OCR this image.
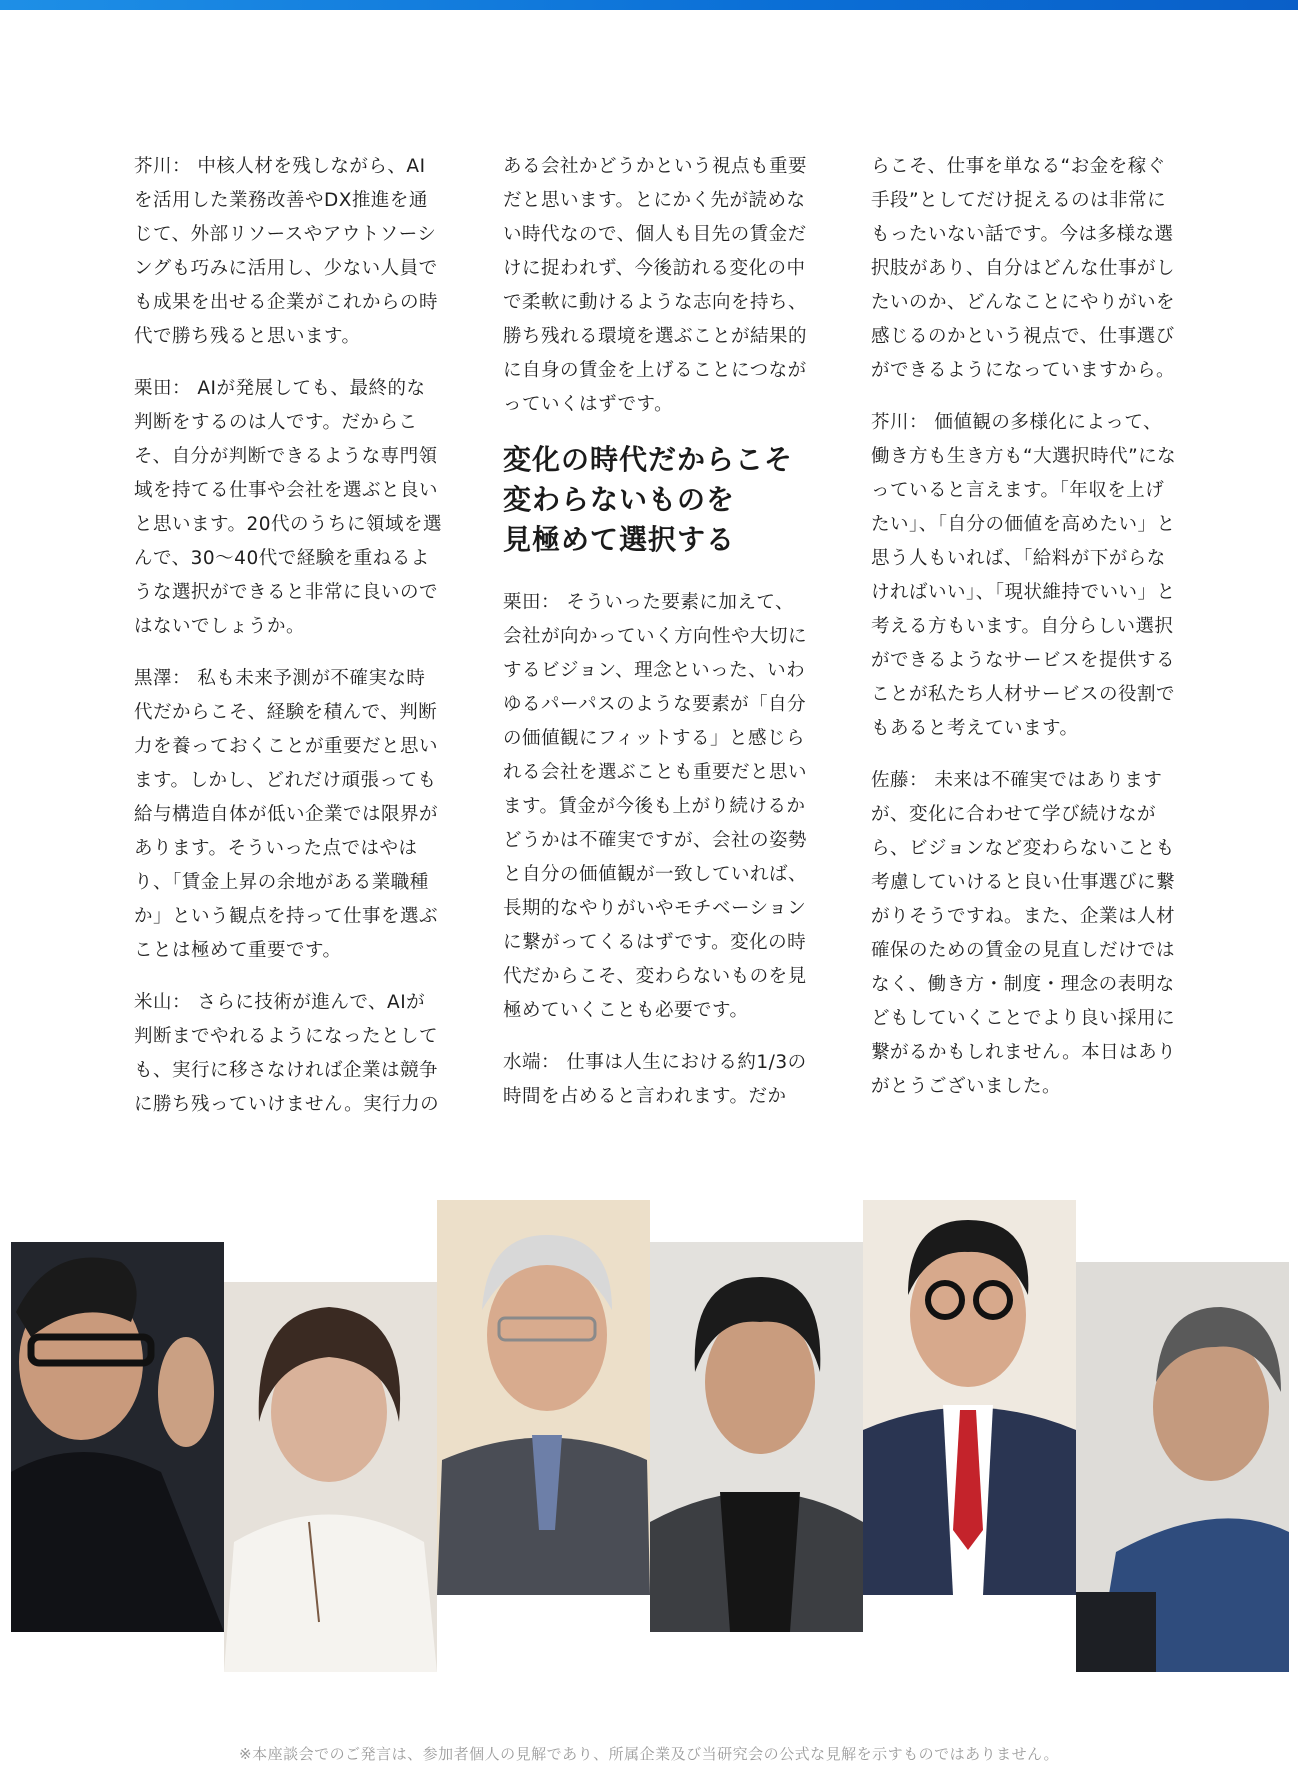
芥川： 中核人材を残しながら、AIを活用した業務改善やDX推進を通じて、外部リソースやアウトソーシングも巧みに活用し、少ない人員でも成果を出せる企業がこれからの時代で勝ち残ると思います。

栗田： AIが発展しても、最終的な判断をするのは人です。だからこそ、自分が判断できるような専門領域を持てる仕事や会社を選ぶと良いと思います。20代のうちに領域を選んで、30～40代で経験を重ねるような選択ができると非常に良いのではないでしょうか。

黒澤： 私も未来予測が不確実な時代だからこそ、経験を積んで、判断力を養っておくことが重要だと思います。しかし、どれだけ頑張っても給与構造自体が低い企業では限界があります。そういった点ではやはり、「賃金上昇の余地がある業職種か」という観点を持って仕事を選ぶことは極めて重要です。

米山： さらに技術が進んで、AIが判断までやれるようになったとしても、実行に移さなければ企業は競争に勝ち残っていけません。実行力の

ある会社かどうかという視点も重要だと思います。とにかく先が読めない時代なので、個人も目先の賃金だけに捉われず、今後訪れる変化の中で柔軟に動けるような志向を持ち、勝ち残れる環境を選ぶことが結果的に自身の賃金を上げることにつながっていくはずです。

変化の時代だからこそ
変わらないものを
見極めて選択する

栗田： そういった要素に加えて、会社が向かっていく方向性や大切にするビジョン、理念といった、いわゆるパーパスのような要素が「自分の価値観にフィットする」と感じられる会社を選ぶことも重要だと思います。賃金が今後も上がり続けるかどうかは不確実ですが、会社の姿勢と自分の価値観が一致していれば、長期的なやりがいやモチベーションに繋がってくるはずです。変化の時代だからこそ、変わらないものを見極めていくことも必要です。

水端： 仕事は人生における約1/3の時間を占めると言われます。だか

らこそ、仕事を単なる“お金を稼ぐ手段”としてだけ捉えるのは非常にもったいない話です。今は多様な選択肢があり、自分はどんな仕事がしたいのか、どんなことにやりがいを感じるのかという視点で、仕事選びができるようになっていますから。

芥川： 価値観の多様化によって、働き方も生き方も“大選択時代”になっていると言えます。「年収を上げたい」、「自分の価値を高めたい」と思う人もいれば、「給料が下がらなければいい」、「現状維持でいい」と考える方もいます。自分らしい選択ができるようなサービスを提供することが私たち人材サービスの役割でもあると考えています。

佐藤： 未来は不確実ではありますが、変化に合わせて学び続けながら、ビジョンなど変わらないことも考慮していけると良い仕事選びに繋がりそうですね。また、企業は人材確保のための賃金の見直しだけではなく、働き方・制度・理念の表明などもしていくことでより良い採用に繋がるかもしれません。本日はありがとうございました。

※本座談会でのご発言は、参加者個人の見解であり、所属企業及び当研究会の公式な見解を示すものではありません。
